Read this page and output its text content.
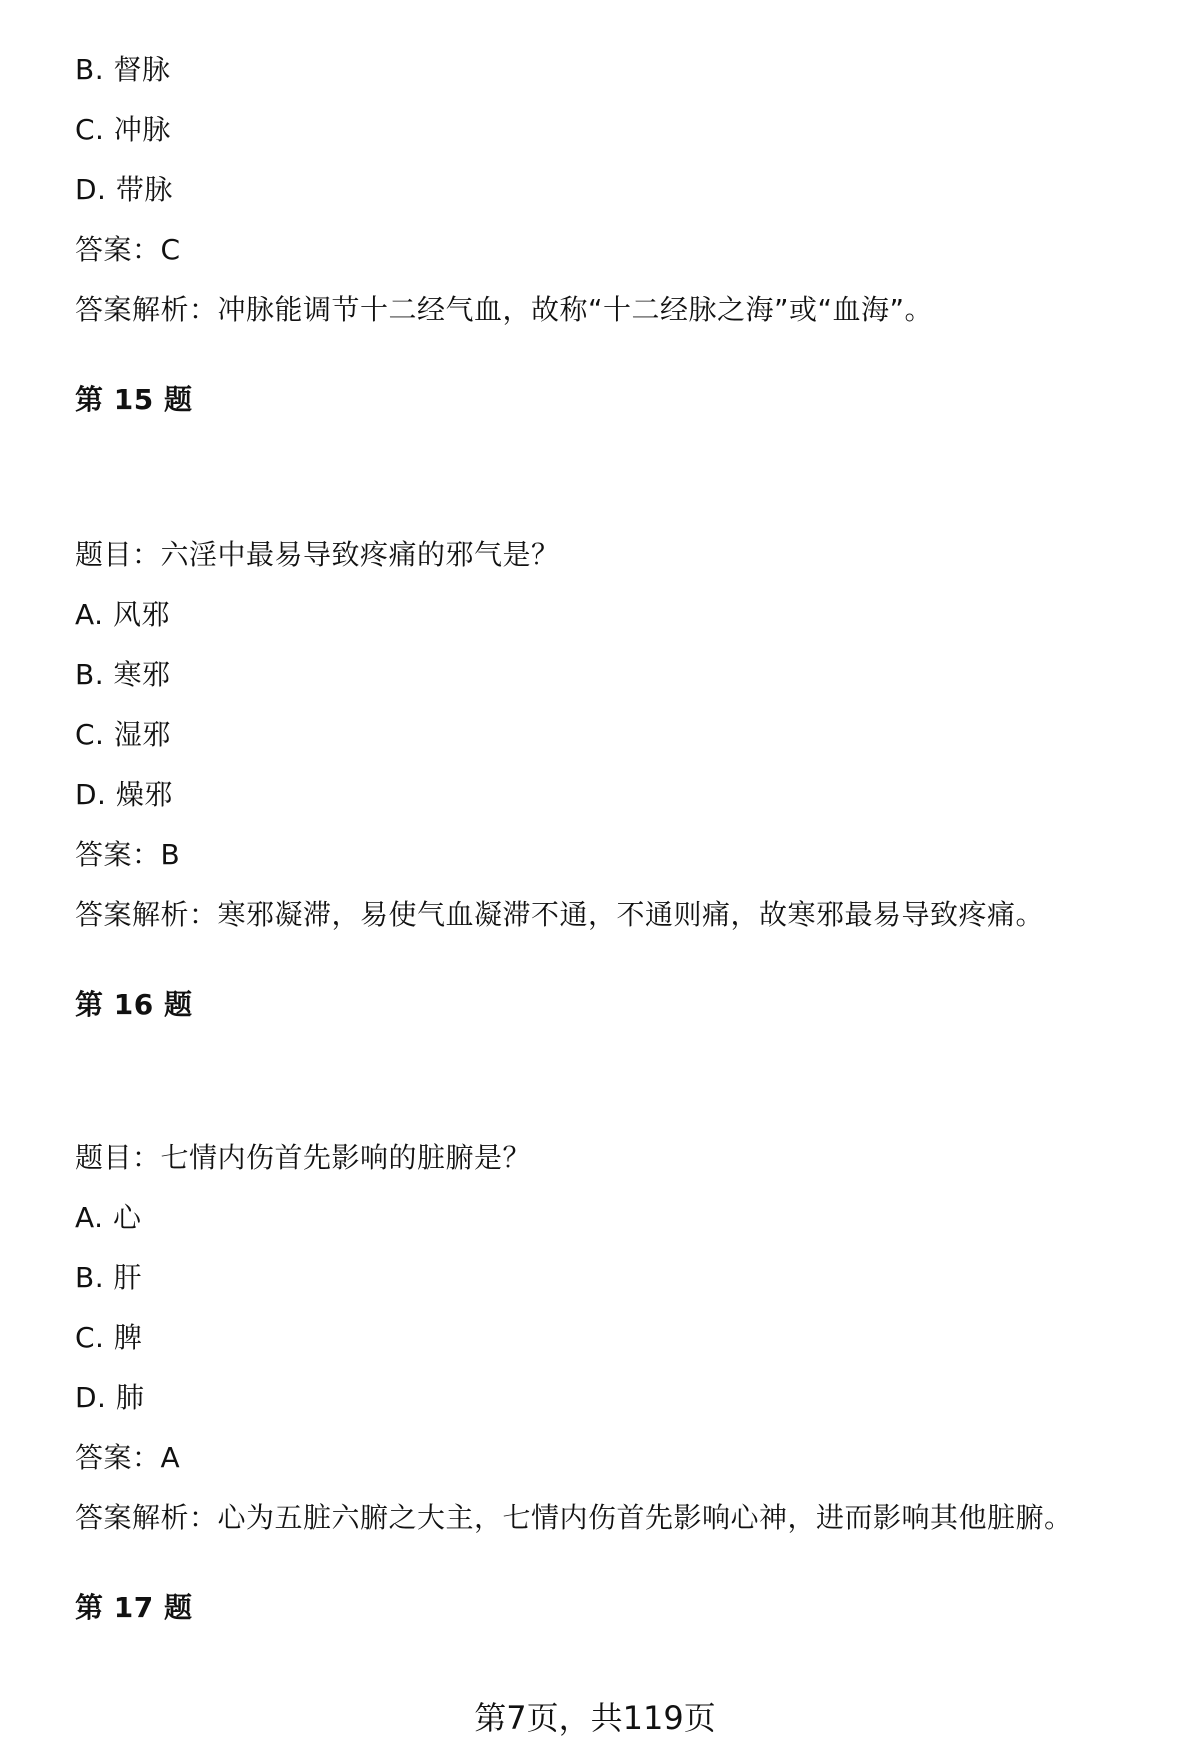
B. 督脉
C. 冲脉
D. 带脉
答案：C
答案解析：冲脉能调节十二经气血，故称“十二经脉之海”或“血海”。
第 15 题
题目：六淫中最易导致疼痛的邪气是？
A. 风邪
B. 寒邪
C. 湿邪
D. 燥邪
答案：B
答案解析：寒邪凝滞，易使气血凝滞不通，不通则痛，故寒邪最易导致疼痛。
第 16 题
题目：七情内伤首先影响的脏腑是？
A. 心
B. 肝
C. 脾
D. 肺
答案：A
答案解析：心为五脏六腑之大主，七情内伤首先影响心神，进而影响其他脏腑。
第 17 题
第7页，共119页
